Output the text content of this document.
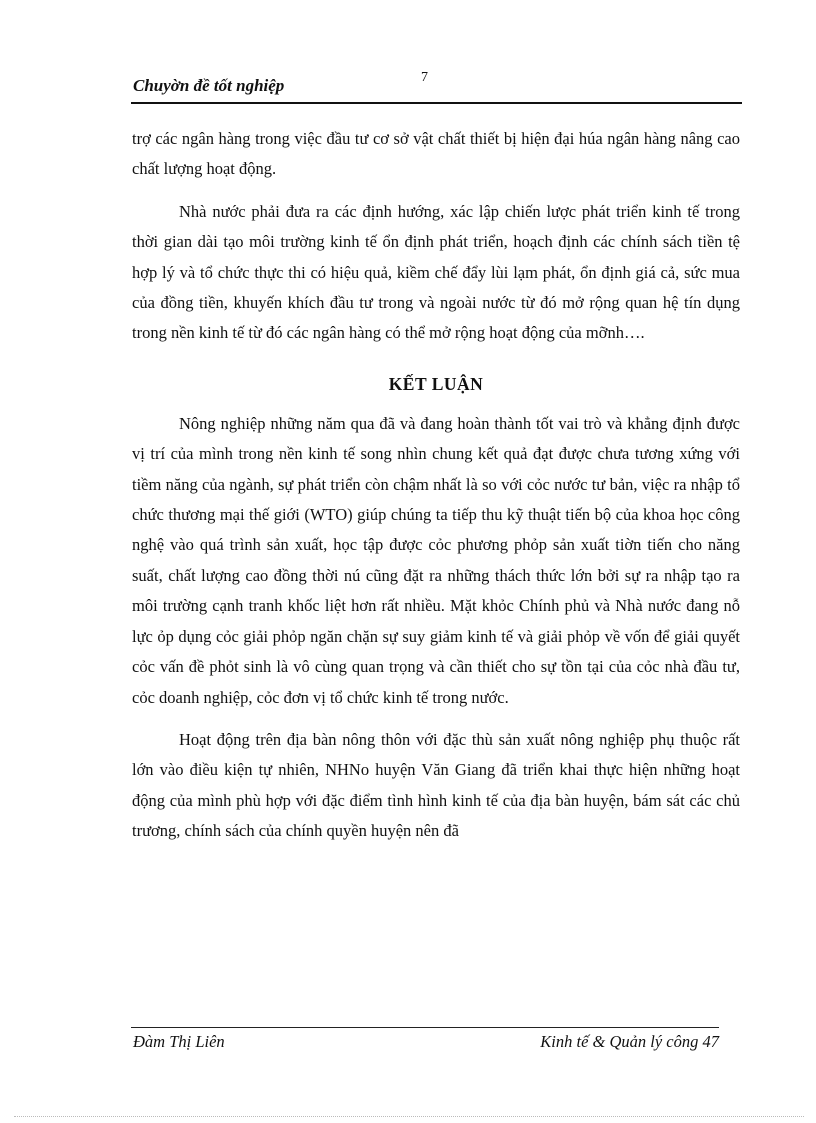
Chuyờn đề tốt nghiệp	7

trợ các ngân hàng trong việc đầu tư cơ sở vật chất thiết bị hiện đại húa ngân hàng nâng cao chất lượng hoạt động.

Nhà nước phải đưa ra các định hướng, xác lập chiến lược phát triển kinh tế trong thời gian dài tạo môi trường kinh tế ổn định phát triển, hoạch định các chính sách tiền tệ hợp lý và tổ chức thực thi có hiệu quả, kiềm chế đẩy lùi lạm phát, ổn định giá cả, sức mua của đồng tiền, khuyến khích đầu tư trong và ngoài nước từ đó mở rộng quan hệ tín dụng trong nền kinh tế từ đó các ngân hàng có thể mở rộng hoạt động của mỡnh….

KẾT LUẬN

Nông nghiệp những năm qua đã và đang hoàn thành tốt vai trò và khẳng định được vị trí của mình trong nền kinh tế song nhìn chung kết quả đạt được chưa tương xứng với tiềm năng của ngành, sự phát triển còn chậm nhất là so với cỏc nước tư bản, việc ra nhập tổ chức thương mại thế giới (WTO) giúp chúng ta tiếp thu kỹ thuật tiến bộ của khoa học công nghệ vào quá trình sản xuất, học tập được cỏc phương phỏp sản xuất tiờn tiến cho năng suất, chất lượng cao đồng thời nú cũng đặt ra những thách thức lớn bởi sự ra nhập tạo ra môi trường cạnh tranh khốc liệt hơn rất nhiều. Mặt khỏc Chính phủ và Nhà nước đang nỗ lực ỏp dụng cỏc giải phỏp ngăn chặn sự suy giảm kinh tế và giải phỏp về vốn để giải quyết cỏc vấn đề phỏt sinh là vô cùng quan trọng và cần thiết cho sự tồn tại của cỏc nhà đầu tư, cỏc doanh nghiệp, cỏc đơn vị tổ chức kinh tế trong nước.

Hoạt động trên địa bàn nông thôn với đặc thù sản xuất nông nghiệp phụ thuộc rất lớn vào điều kiện tự nhiên, NHNo huyện Văn Giang đã triển khai thực hiện những hoạt động của mình phù hợp với đặc điểm tình hình kinh tế của địa bàn huyện, bám sát các chủ trương, chính sách của chính quyền huyện nên đã

Đàm Thị Liên	Kinh tế & Quản lý công 47
